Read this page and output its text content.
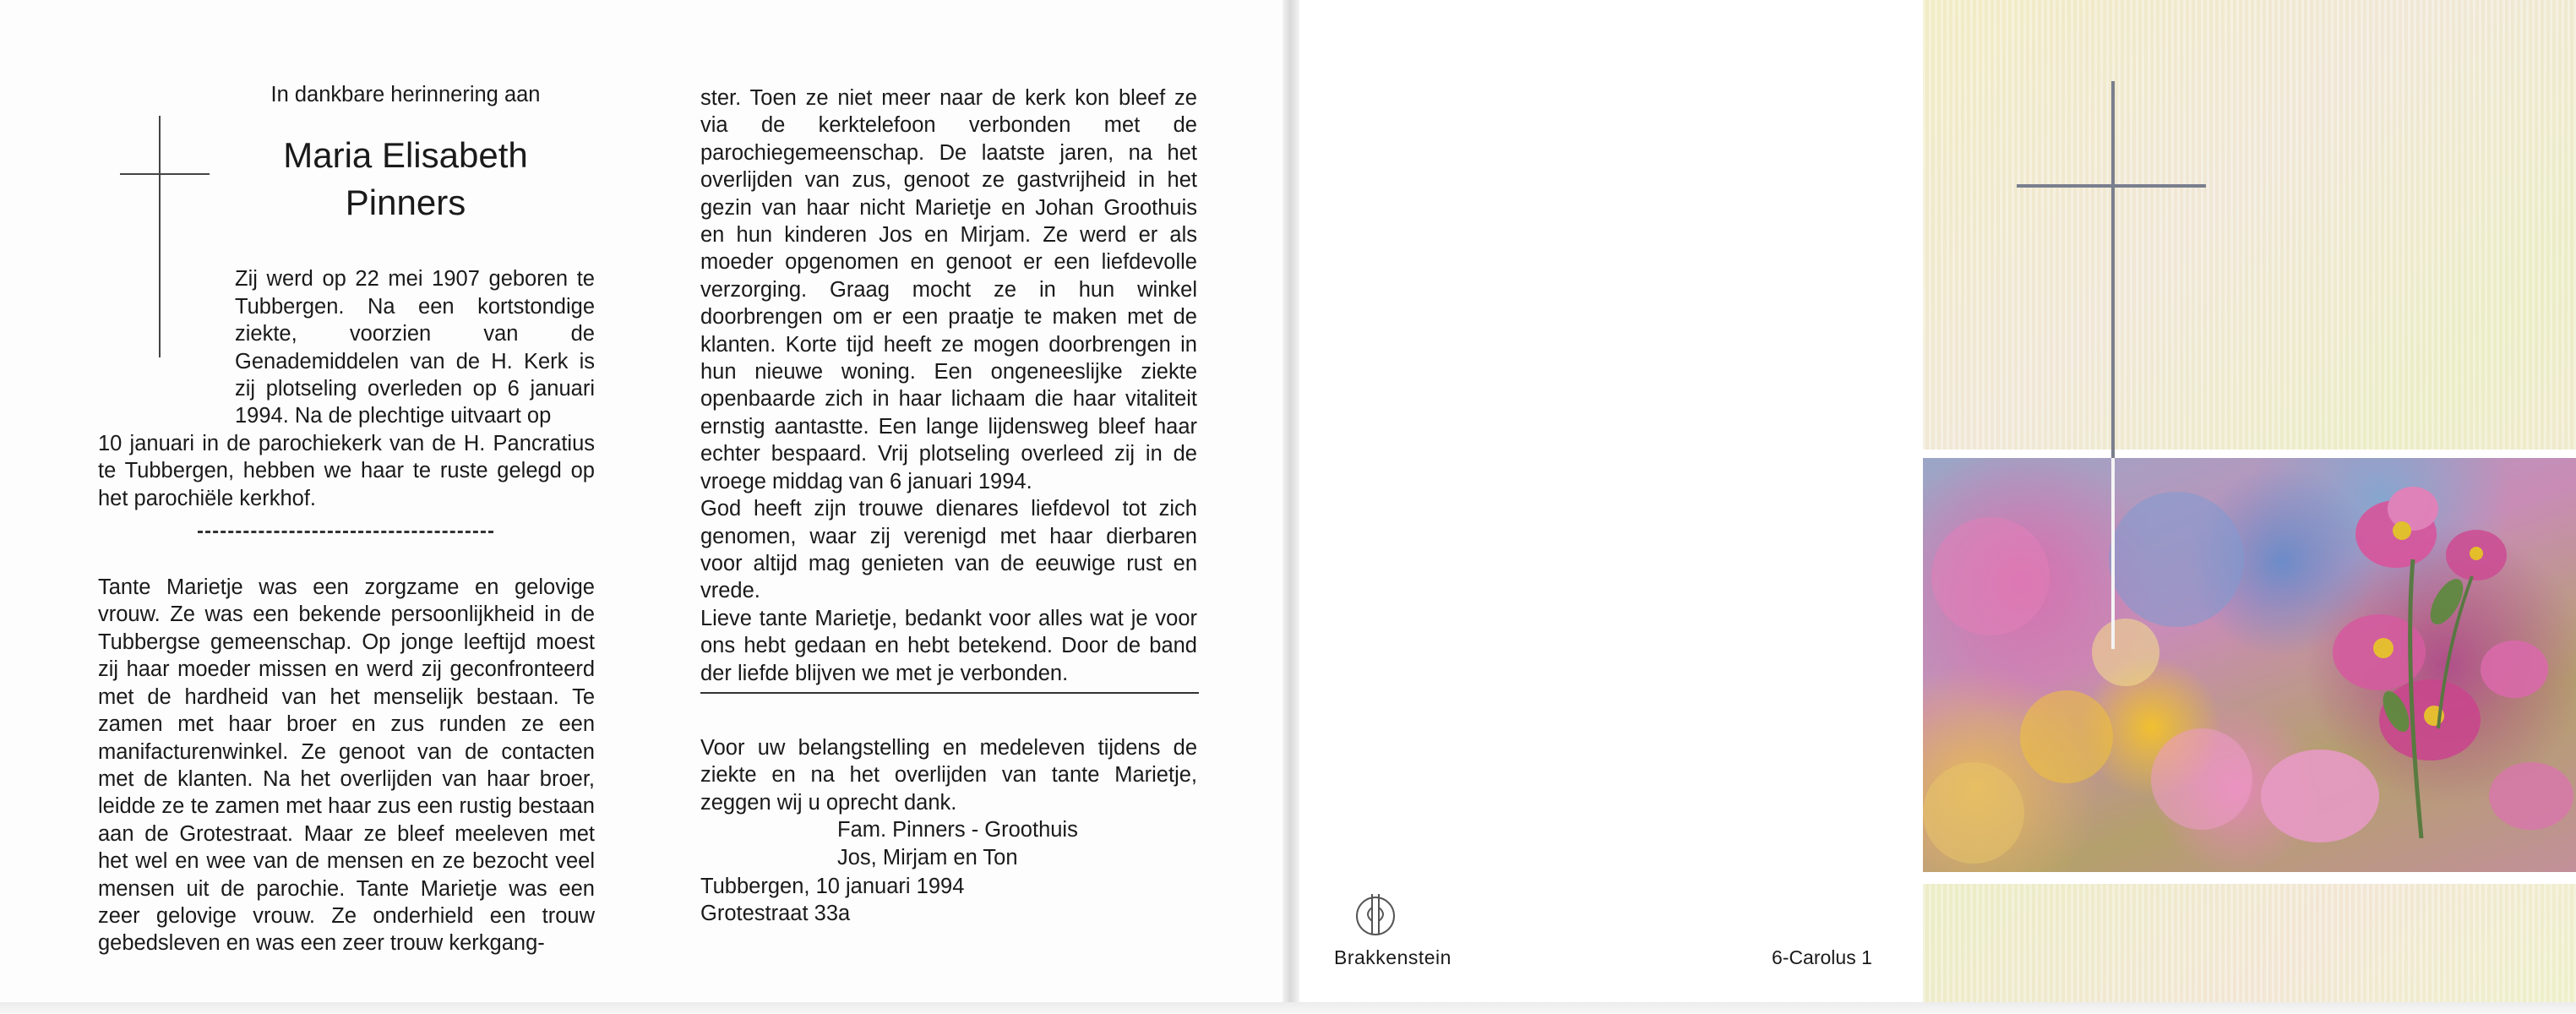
In dankbare herinnering aan

Maria Elisabeth
Pinners

Zij werd op 22 mei 1907 geboren te Tubbergen. Na een kortstondige ziekte, voorzien van de Genademiddelen van de H. Kerk is zij plotseling overleden op 6 januari 1994. Na de plechtige uitvaart op

10 januari in de parochiekerk van de H. Pancratius te Tubbergen, hebben we haar te ruste gelegd op het parochiële kerkhof.

Tante Marietje was een zorgzame en gelovige vrouw. Ze was een bekende persoonlijkheid in de Tubbergse gemeenschap. Op jonge leeftijd moest zij haar moeder missen en werd zij geconfronteerd met de hardheid van het menselijk bestaan. Te zamen met haar broer en zus runden ze een manifacturenwinkel. Ze genoot van de contacten met de klanten. Na het overlijden van haar broer, leidde ze te zamen met haar zus een rustig bestaan aan de Grotestraat. Maar ze bleef meeleven met het wel en wee van de mensen en ze bezocht veel mensen uit de parochie. Tante Marietje was een zeer gelovige vrouw. Ze onderhield een trouw gebedsleven en was een zeer trouw kerkgang-

ster. Toen ze niet meer naar de kerk kon bleef ze via de kerktelefoon verbonden met de parochiegemeenschap. De laatste jaren, na het overlijden van zus, genoot ze gastvrijheid in het gezin van haar nicht Marietje en Johan Groothuis en hun kinderen Jos en Mirjam. Ze werd er als moeder opgenomen en genoot er een liefdevolle verzorging. Graag mocht ze in hun winkel doorbrengen om er een praatje te maken met de klanten. Korte tijd heeft ze mogen doorbrengen in hun nieuwe woning. Een ongeneeslijke ziekte openbaarde zich in haar lichaam die haar vitaliteit ernstig aantastte. Een lange lijdensweg bleef haar echter bespaard. Vrij plotseling overleed zij in de vroege middag van 6 januari 1994.

God heeft zijn trouwe dienares liefdevol tot zich genomen, waar zij verenigd met haar dierbaren voor altijd mag genieten van de eeuwige rust en vrede.

Lieve tante Marietje, bedankt voor alles wat je voor ons hebt gedaan en hebt betekend. Door de band der liefde blijven we met je verbonden.

Voor uw belangstelling en medeleven tijdens de ziekte en na het overlijden van tante Marietje, zeggen wij u oprecht dank.

Fam. Pinners - Groothuis
Jos, Mirjam en Ton

Tubbergen, 10 januari 1994
Grotestraat 33a

Brakkenstein	6-Carolus 1
